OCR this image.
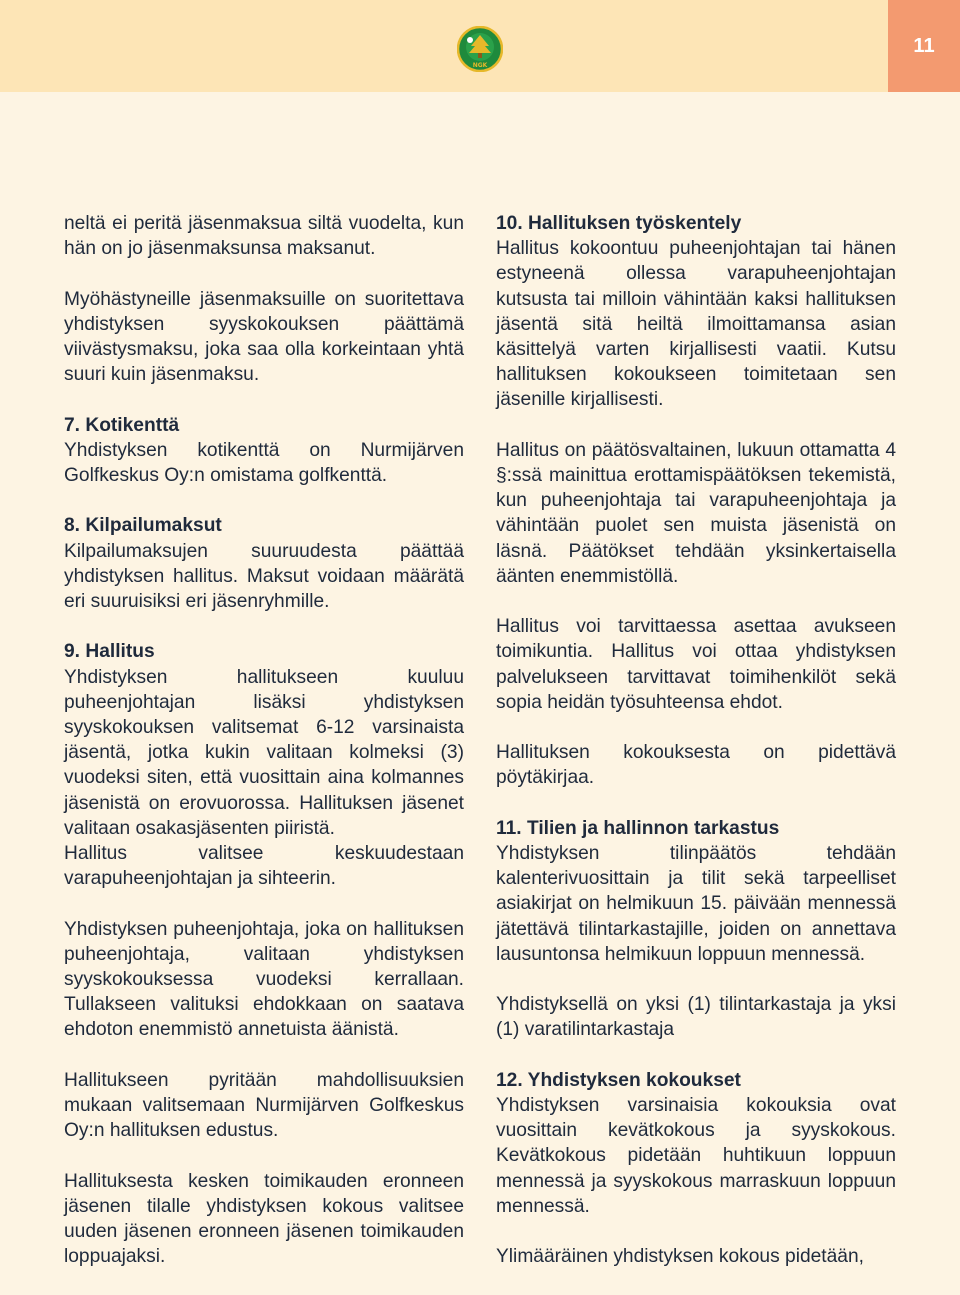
11
NGK

neltä ei peritä jäsenmaksua siltä vuodelta, kun hän on jo jäsenmaksunsa maksanut.

Myöhästyneille jäsenmaksuille on suoritettava yhdistyksen syyskokouksen päättämä viivästysmaksu, joka saa olla korkeintaan yhtä suuri kuin jäsenmaksu.

7. Kotikenttä

Yhdistyksen kotikenttä on Nurmijärven Golfkeskus Oy:n omistama golfkenttä.

8. Kilpailumaksut

Kilpailumaksujen suuruudesta päättää yhdistyksen hallitus. Maksut voidaan määrätä eri suuruisiksi eri jäsenryhmille.

9. Hallitus

Yhdistyksen hallitukseen kuuluu puheenjohtajan lisäksi yhdistyksen syyskokouksen valitsemat 6-12 varsinaista jäsentä, jotka kukin valitaan kolmeksi (3) vuodeksi siten, että vuosittain aina kolmannes jäsenistä on erovuorossa. Hallituksen jäsenet valitaan osakasjäsenten piiristä.

Hallitus valitsee keskuudestaan varapuheenjohtajan ja sihteerin.

Yhdistyksen puheenjohtaja, joka on hallituksen puheenjohtaja, valitaan yhdistyksen syyskokouksessa vuodeksi kerrallaan. Tullakseen valituksi ehdokkaan on saatava ehdoton enemmistö annetuista äänistä.

Hallitukseen pyritään mahdollisuuksien mukaan valitsemaan Nurmijärven Golfkeskus Oy:n hallituksen edustus.

Hallituksesta kesken toimikauden eronneen jäsenen tilalle yhdistyksen kokous valitsee uuden jäsenen eronneen jäsenen toimikauden loppuajaksi.

10. Hallituksen työskentely

Hallitus kokoontuu puheenjohtajan tai hänen estyneenä ollessa varapuheenjohtajan kutsusta tai milloin vähintään kaksi hallituksen jäsentä sitä heiltä ilmoittamansa asian käsittelyä varten kirjallisesti vaatii. Kutsu hallituksen kokoukseen toimitetaan sen jäsenille kirjallisesti.

Hallitus on päätösvaltainen, lukuun ottamatta 4 §:ssä mainittua erottamispäätöksen tekemistä, kun puheenjohtaja tai varapuheenjohtaja ja vähintään puolet sen muista jäsenistä on läsnä. Päätökset tehdään yksinkertaisella äänten enemmistöllä.

Hallitus voi tarvittaessa asettaa avukseen toimikuntia. Hallitus voi ottaa yhdistyksen palvelukseen tarvittavat toimihenkilöt sekä sopia heidän työsuhteensa ehdot.

Hallituksen kokouksesta on pidettävä pöytäkirjaa.

11. Tilien ja hallinnon tarkastus

Yhdistyksen tilinpäätös tehdään kalenterivuosittain ja tilit sekä tarpeelliset asiakirjat on helmikuun 15. päivään mennessä jätettävä tilintarkastajille, joiden on annettava lausuntonsa helmikuun loppuun mennessä.

Yhdistyksellä on yksi (1) tilintarkastaja ja yksi (1) varatilintarkastaja

12. Yhdistyksen kokoukset

Yhdistyksen varsinaisia kokouksia ovat vuosittain kevätkokous ja syyskokous. Kevätkokous pidetään huhtikuun loppuun mennessä ja syyskokous marraskuun loppuun mennessä.

Ylimääräinen yhdistyksen kokous pidetään,
